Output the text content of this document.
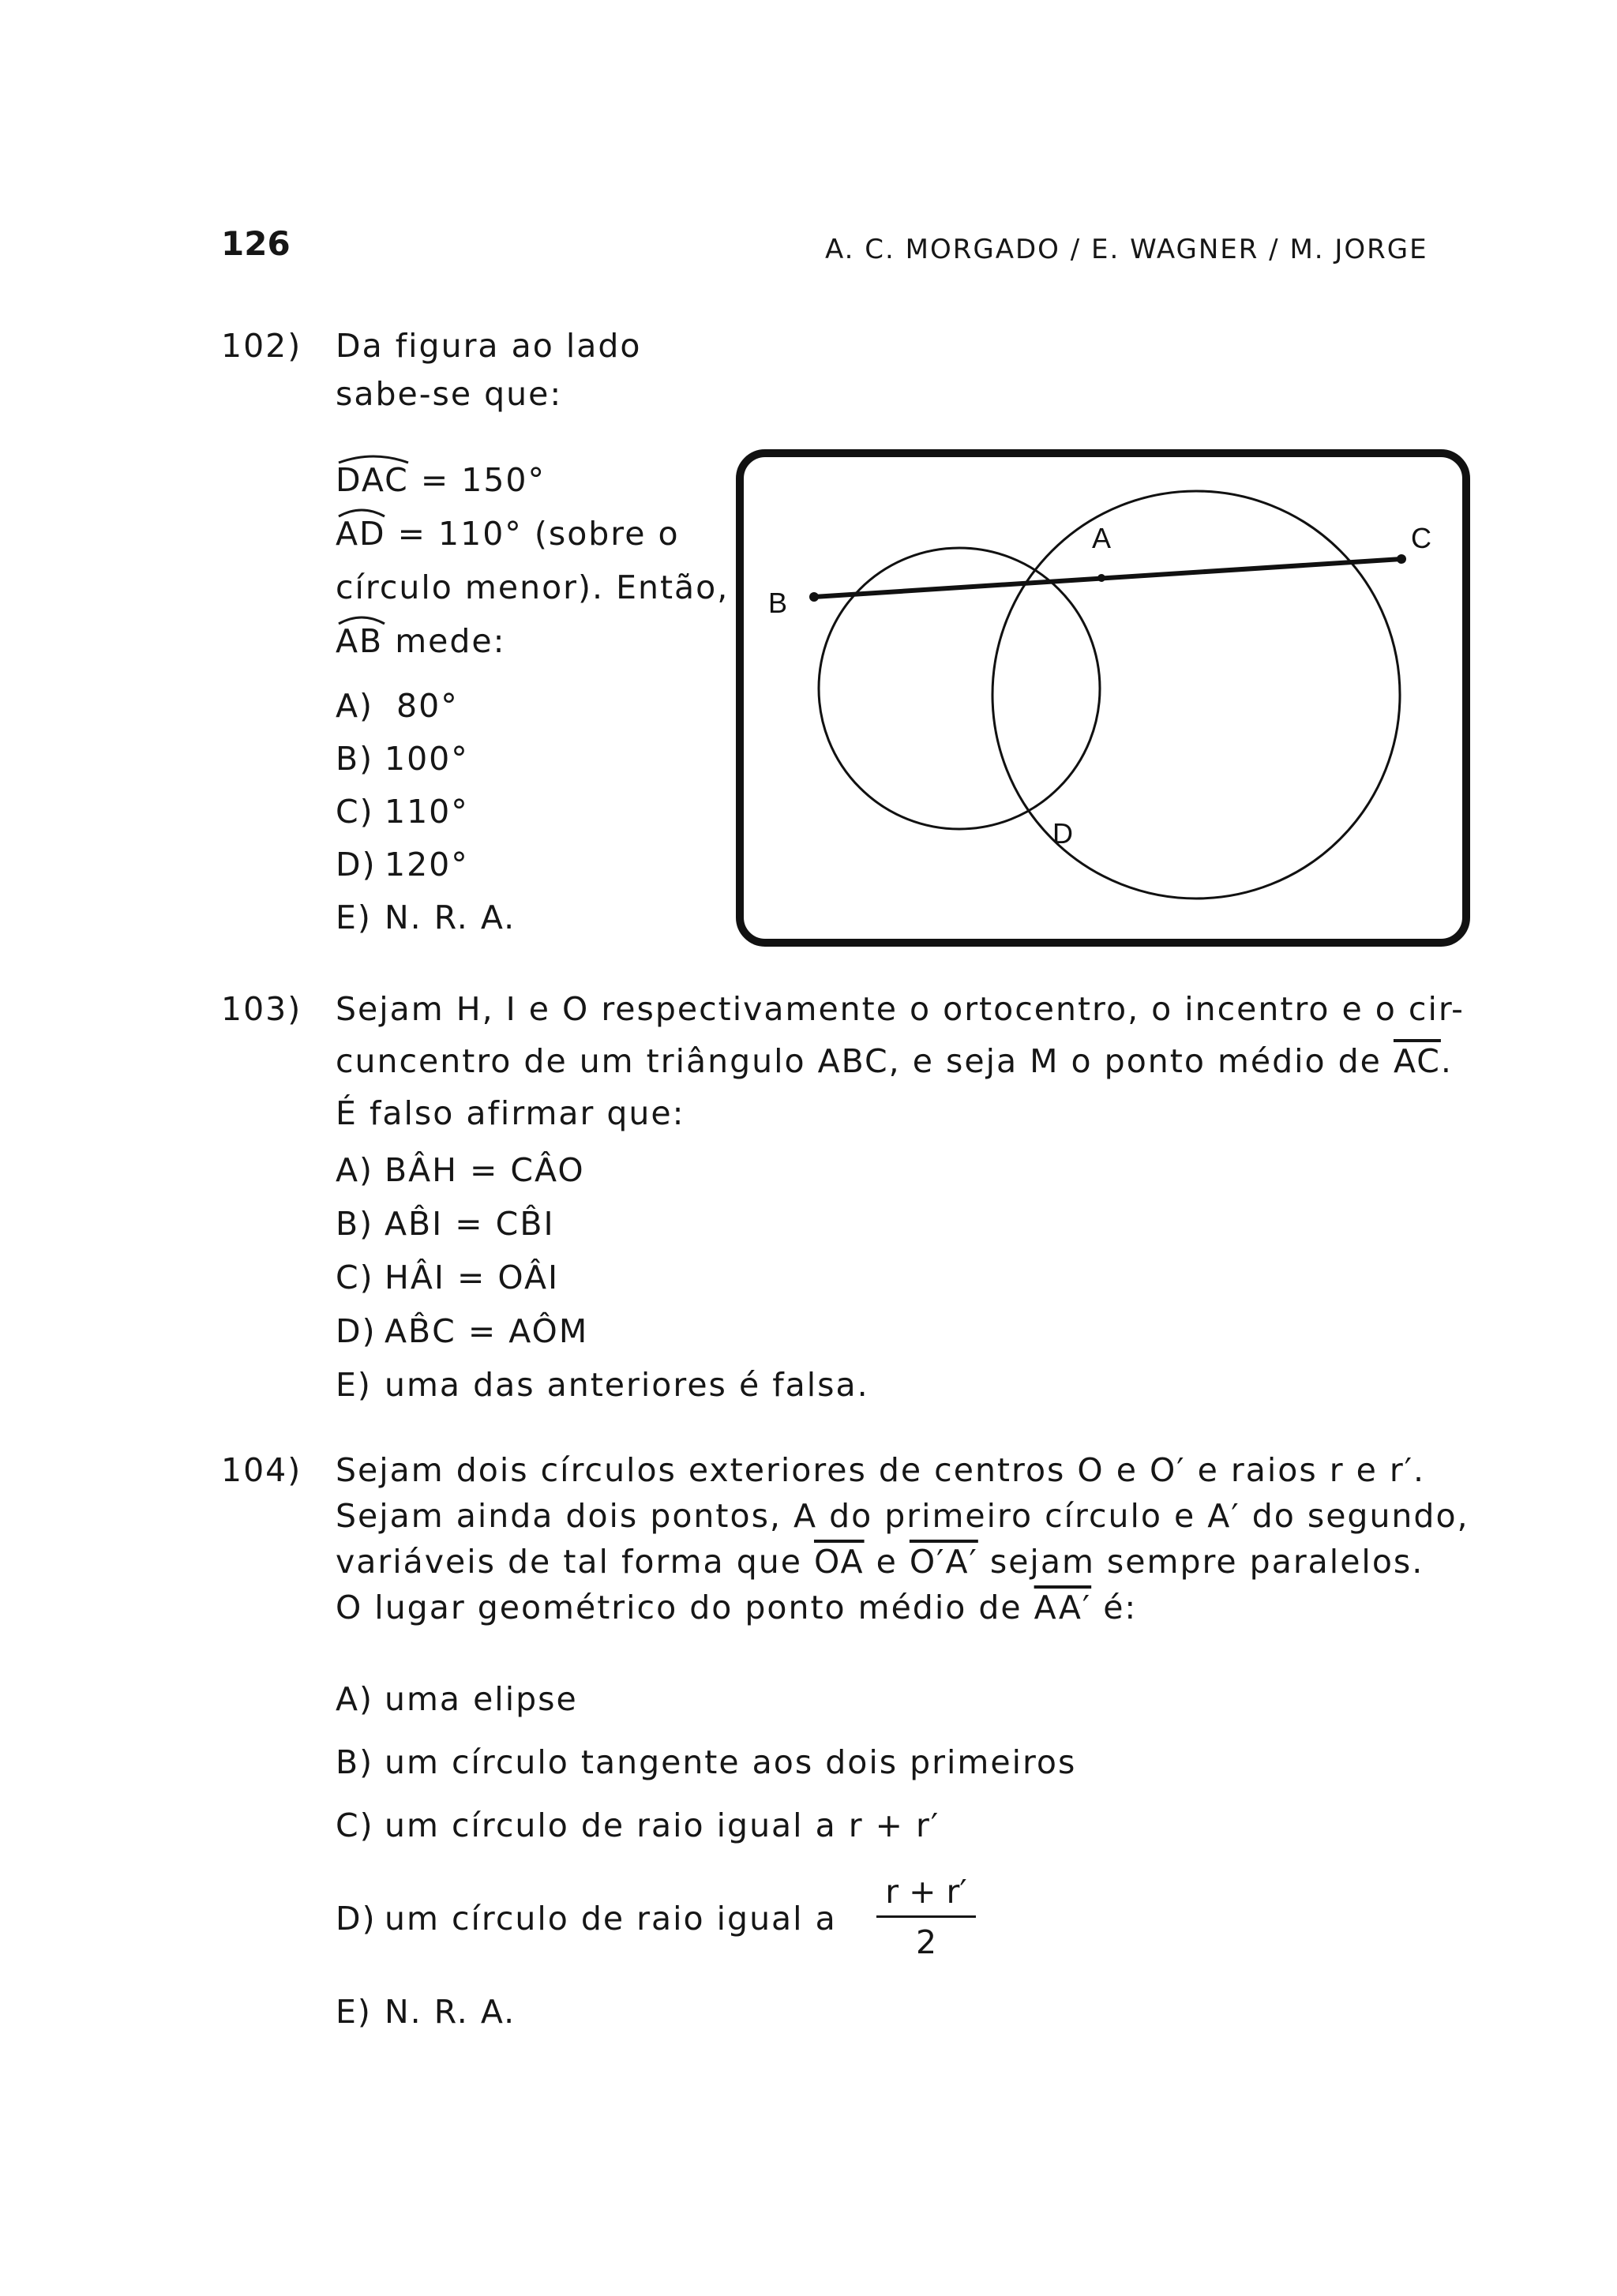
126	A. C. MORGADO / E. WAGNER / M. JORGE
102) Da figura ao lado
sabe-se que:
DAC
= 150°
AD
= 110° (sobre o
círculo menor). Então,
AB
mede:
A) 80°
B) 100°
C) 110°
D) 120°
E) N. R. A.
A
B
C
D
103) Sejam H, I e O respectivamente o ortocentro, o incentro e o cir-
cuncentro de um triângulo ABC, e seja M o ponto médio de $\overline{AC}$.
É falso afirmar que:
A) BÂH = CÂO
B) AB̂I = CB̂I
C) HÂI = OÂI
D) AB̂C = AÔM
E) uma das anteriores é falsa.
104) Sejam dois círculos exteriores de centros O e O′ e raios r e r′.
Sejam ainda dois pontos, A do primeiro círculo e A′ do segundo,
variáveis de tal forma que $\overline{OA}$ e O′A′ sejam sempre paralelos.
O lugar geométrico do ponto médio de AA′ é:
A) uma elipse
B) um círculo tangente aos dois primeiros
C) um círculo de raio igual a r + r′
D) um círculo de raio igual a
r + r′
2
E) N. R. A.
